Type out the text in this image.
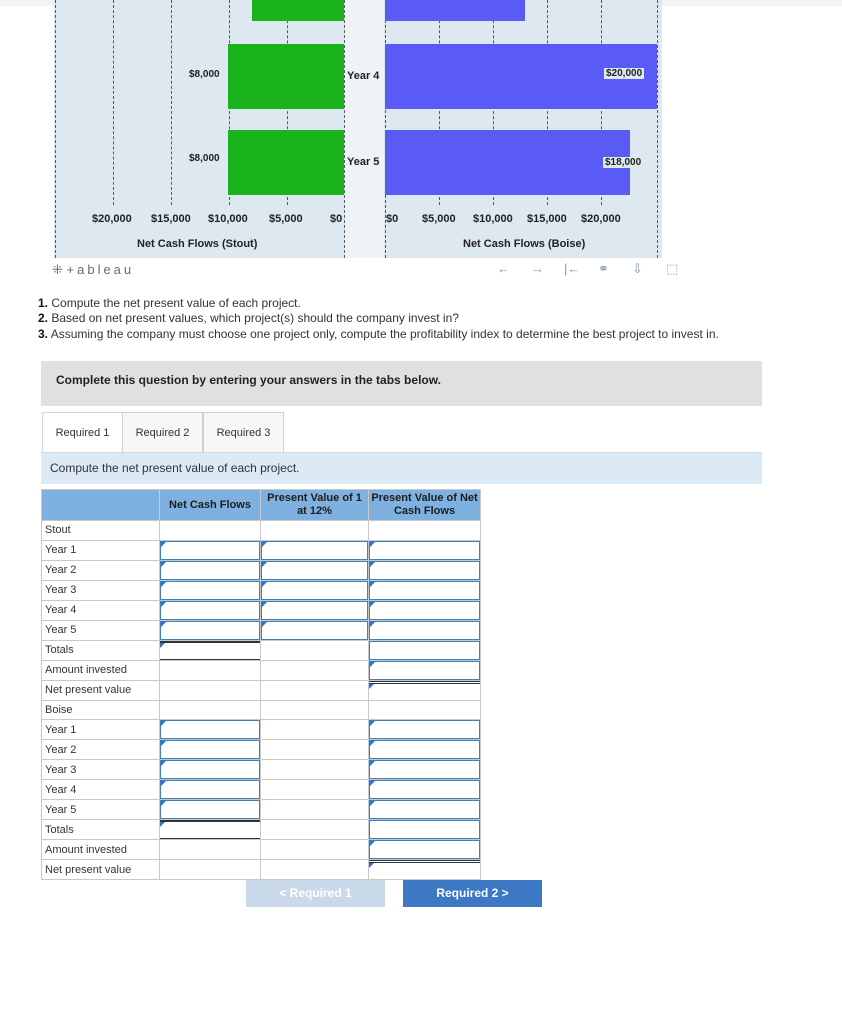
$8,000
$8,000
$20,000
$18,000
Year 4
Year 5
$20,000 $15,000 $10,000 $5,000 $0	$0 $5,000 $10,000 $15,000 $20,000
Net Cash Flows (Stout)	Net Cash Flows (Boise)
⁜ +ableau	← → |← ⚭ ⇩ ⬚
1. Compute the net present value of each project.
2. Based on net present values, which project(s) should the company invest in?
3. Assuming the company must choose one project only, compute the profitability index to determine the best project to invest in.
Complete this question by entering your answers in the tabs below.
Required 1	Required 2	Required 3
Compute the net present value of each project.
	Net Cash Flows	Present Value of 1 at 12%	Present Value of Net Cash Flows
Stout			
Year 1	

Year 2	

Year 3	

Year 4	

Year 5	

Totals	

Amount invested			

Net present value			

Boise			
Year 1	

Year 2	

Year 3	

Year 4	

Year 5	

Totals	

Amount invested			

Net present value			
< Required 1	Required 2 >
